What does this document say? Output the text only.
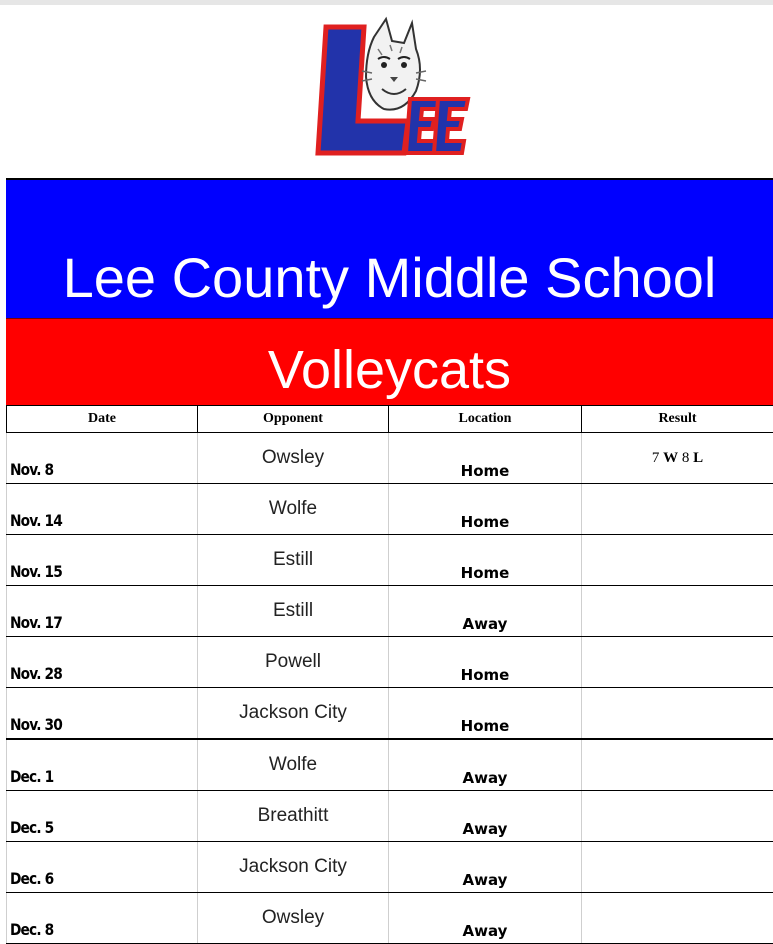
Lee County Middle School
Volleycats
Date	Opponent	Location	Result
Nov. 8	Owsley	Home	7 W 8 L
Nov. 14	Wolfe	Home	
Nov. 15	Estill	Home	
Nov. 17	Estill	Away	
Nov. 28	Powell	Home	
Nov. 30	Jackson City	Home	
Dec. 1	Wolfe	Away	
Dec. 5	Breathitt	Away	
Dec. 6	Jackson City	Away	
Dec. 8	Owsley	Away	
